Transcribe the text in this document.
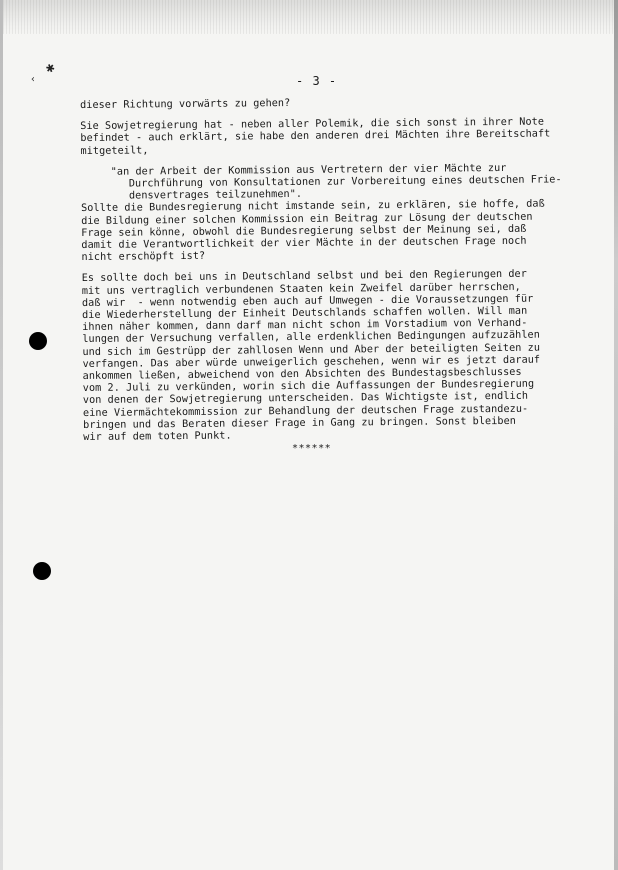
✱
‹	- 3 -

dieser Richtung vorwärts zu gehen?

Sie Sowjetregierung hat - neben aller Polemik, die sich sonst in ihrer Note

befindet - auch erklärt, sie habe den anderen drei Mächten ihre Bereitschaft

mitgeteilt,

"an der Arbeit der Kommission aus Vertretern der vier Mächte zur

Durchführung von Konsultationen zur Vorbereitung eines deutschen Frie-

densvertrages teilzunehmen".

Sollte die Bundesregierung nicht imstande sein, zu erklären, sie hoffe, daß

die Bildung einer solchen Kommission ein Beitrag zur Lösung der deutschen

Frage sein könne, obwohl die Bundesregierung selbst der Meinung sei, daß

damit die Verantwortlichkeit der vier Mächte in der deutschen Frage noch

nicht erschöpft ist?

Es sollte doch bei uns in Deutschland selbst und bei den Regierungen der

mit uns vertraglich verbundenen Staaten kein Zweifel darüber herrschen,

daß wir  - wenn notwendig eben auch auf Umwegen - die Voraussetzungen für

die Wiederherstellung der Einheit Deutschlands schaffen wollen. Will man

ihnen näher kommen, dann darf man nicht schon im Vorstadium von Verhand-

lungen der Versuchung verfallen, alle erdenklichen Bedingungen aufzuzählen

und sich im Gestrüpp der zahllosen Wenn und Aber der beteiligten Seiten zu

verfangen. Das aber würde unweigerlich geschehen, wenn wir es jetzt darauf

ankommen ließen, abweichend von den Absichten des Bundestagsbeschlusses

vom 2. Juli zu verkünden, worin sich die Auffassungen der Bundesregierung

von denen der Sowjetregierung unterscheiden. Das Wichtigste ist, endlich

eine Viermächtekommission zur Behandlung der deutschen Frage zustandezu-

bringen und das Beraten dieser Frage in Gang zu bringen. Sonst bleiben

wir auf dem toten Punkt.

******
